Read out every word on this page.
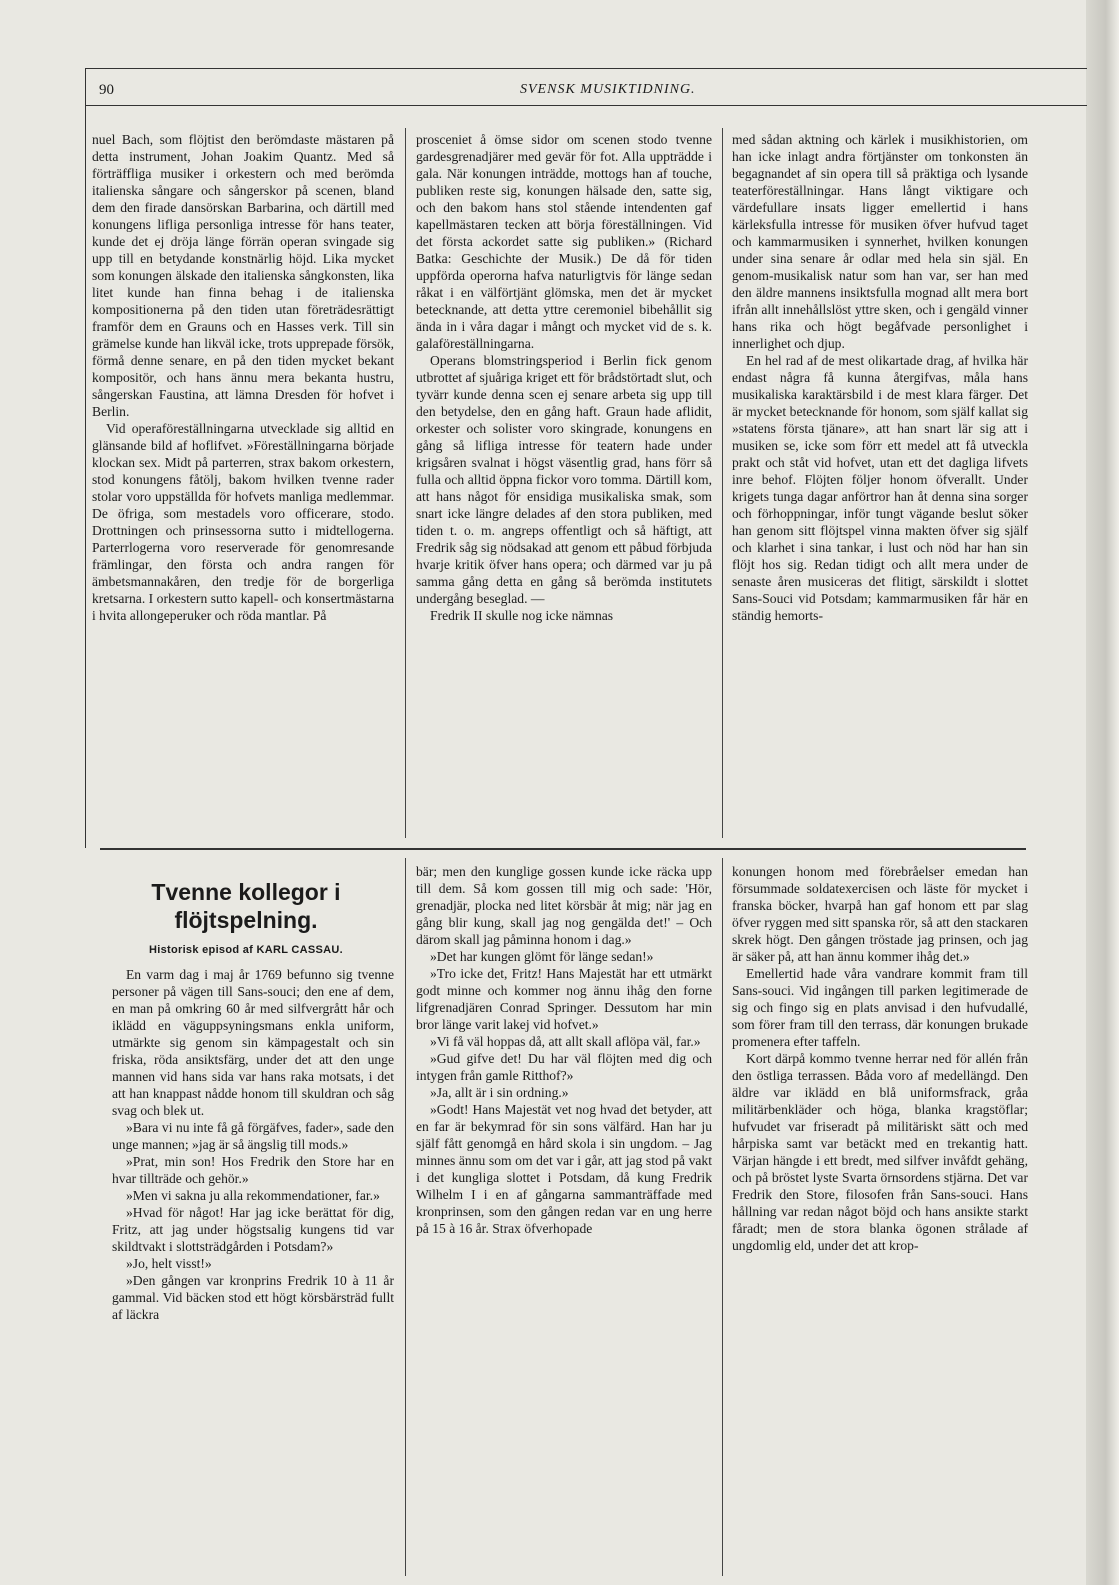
90	SVENSK MUSIKTIDNING.

nuel Bach, som flöjtist den berömdaste mästaren på detta instrument, Johan Joakim Quantz. Med så förträffliga musiker i orkestern och med berömda italienska sångare och sångerskor på scenen, bland dem den firade dansörskan Barbarina, och därtill med konungens lifliga personliga intresse för hans teater, kunde det ej dröja länge förrän operan svingade sig upp till en betydande konstnärlig höjd. Lika mycket som konungen älskade den italienska sångkonsten, lika litet kunde han finna behag i de italienska kompositionerna på den tiden utan företrädesrättigt framför dem en Grauns och en Hasses verk. Till sin grämelse kunde han likväl icke, trots upprepade försök, förmå denne senare, en på den tiden mycket bekant kompositör, och hans ännu mera bekanta hustru, sångerskan Faustina, att lämna Dresden för hofvet i Berlin.

Vid operaföreställningarna utvecklade sig alltid en glänsande bild af hoflifvet. »Föreställningarna började klockan sex. Midt på parterren, strax bakom orkestern, stod konungens fåtölj, bakom hvilken tvenne rader stolar voro uppställda för hofvets manliga medlemmar. De öfriga, som mestadels voro officerare, stodo. Drottningen och prinsessorna sutto i midtellogerna. Parterrlogerna voro reserverade för genomresande främlingar, den första och andra rangen för ämbetsmannakåren, den tredje för de borgerliga kretsarna. I orkestern sutto kapell- och konsertmästarna i hvita allongeperuker och röda mantlar. På

prosceniet å ömse sidor om scenen stodo tvenne gardesgrenadjärer med gevär för fot. Alla uppträdde i gala. När konungen inträdde, mottogs han af touche, publiken reste sig, konungen hälsade den, satte sig, och den bakom hans stol stående intendenten gaf kapellmästaren tecken att börja föreställningen. Vid det första ackordet satte sig publiken.» (Richard Batka: Geschichte der Musik.) De då för tiden uppförda operorna hafva naturligtvis för länge sedan råkat i en välförtjänt glömska, men det är mycket betecknande, att detta yttre ceremoniel bibehållit sig ända in i våra dagar i mångt och mycket vid de s. k. galaföreställningarna.

Operans blomstringsperiod i Berlin fick genom utbrottet af sjuåriga kriget ett för brådstörtadt slut, och tyvärr kunde denna scen ej senare arbeta sig upp till den betydelse, den en gång haft. Graun hade aflidit, orkester och solister voro skingrade, konungens en gång så lifliga intresse för teatern hade under krigsåren svalnat i högst väsentlig grad, hans förr så fulla och alltid öppna fickor voro tomma. Därtill kom, att hans något för ensidiga musikaliska smak, som snart icke längre delades af den stora publiken, med tiden t. o. m. angreps offentligt och så häftigt, att Fredrik såg sig nödsakad att genom ett påbud förbjuda hvarje kritik öfver hans opera; och därmed var ju på samma gång detta en gång så berömda institutets undergång beseglad. —

Fredrik II skulle nog icke nämnas

med sådan aktning och kärlek i musikhistorien, om han icke inlagt andra förtjänster om tonkonsten än begagnandet af sin opera till så präktiga och lysande teaterföreställningar. Hans långt viktigare och värdefullare insats ligger emellertid i hans kärleksfulla intresse för musiken öfver hufvud taget och kammarmusiken i synnerhet, hvilken konungen under sina senare år odlar med hela sin själ. En genom-musikalisk natur som han var, ser han med den äldre mannens insiktsfulla mognad allt mera bort ifrån allt innehållslöst yttre sken, och i gengäld vinner hans rika och högt begåfvade personlighet i innerlighet och djup.

En hel rad af de mest olikartade drag, af hvilka här endast några få kunna återgifvas, måla hans musikaliska karaktärsbild i de mest klara färger. Det är mycket betecknande för honom, som själf kallat sig »statens första tjänare», att han snart lär sig att i musiken se, icke som förr ett medel att få utveckla prakt och ståt vid hofvet, utan ett det dagliga lifvets inre behof. Flöjten följer honom öfverallt. Under krigets tunga dagar anförtror han åt denna sina sorger och förhoppningar, inför tungt vägande beslut söker han genom sitt flöjtspel vinna makten öfver sig själf och klarhet i sina tankar, i lust och nöd har han sin flöjt hos sig. Redan tidigt och allt mera under de senaste åren musiceras det flitigt, särskildt i slottet Sans-Souci vid Potsdam; kammarmusiken får här en ständig hemorts-

Tvenne kollegor i flöjtspelning.
Historisk episod af KARL CASSAU.

En varm dag i maj år 1769 befunno sig tvenne personer på vägen till Sans-souci; den ene af dem, en man på omkring 60 år med silfvergrått hår och iklädd en väguppsyningsmans enkla uniform, utmärkte sig genom sin kämpagestalt och sin friska, röda ansiktsfärg, under det att den unge mannen vid hans sida var hans raka motsats, i det att han knappast nådde honom till skuldran och såg svag och blek ut.

»Bara vi nu inte få gå förgäfves, fader», sade den unge mannen; »jag är så ängslig till mods.»

»Prat, min son! Hos Fredrik den Store har en hvar tillträde och gehör.»

»Men vi sakna ju alla rekommendationer, far.»

»Hvad för något! Har jag icke berättat för dig, Fritz, att jag under högstsalig kungens tid var skildtvakt i slottsträdgården i Potsdam?»

»Jo, helt visst!»

»Den gången var kronprins Fredrik 10 à 11 år gammal. Vid bäcken stod ett högt körsbärsträd fullt af läckra

bär; men den kunglige gossen kunde icke räcka upp till dem. Så kom gossen till mig och sade: 'Hör, grenadjär, plocka ned litet körsbär åt mig; när jag en gång blir kung, skall jag nog gengälda det!' – Och därom skall jag påminna honom i dag.»

»Det har kungen glömt för länge sedan!»

»Tro icke det, Fritz! Hans Majestät har ett utmärkt godt minne och kommer nog ännu ihåg den forne lifgrenadjären Conrad Springer. Dessutom har min bror länge varit lakej vid hofvet.»

»Vi få väl hoppas då, att allt skall aflöpa väl, far.»

»Gud gifve det! Du har väl flöjten med dig och intygen från gamle Ritthof?»

»Ja, allt är i sin ordning.»

»Godt! Hans Majestät vet nog hvad det betyder, att en far är bekymrad för sin sons välfärd. Han har ju själf fått genomgå en hård skola i sin ungdom. – Jag minnes ännu som om det var i går, att jag stod på vakt i det kungliga slottet i Potsdam, då kung Fredrik Wilhelm I i en af gångarna sammanträffade med kronprinsen, som den gången redan var en ung herre på 15 à 16 år. Strax öfverhopade

konungen honom med förebråelser emedan han försummade soldatexercisen och läste för mycket i franska böcker, hvarpå han gaf honom ett par slag öfver ryggen med sitt spanska rör, så att den stackaren skrek högt. Den gången tröstade jag prinsen, och jag är säker på, att han ännu kommer ihåg det.»

Emellertid hade våra vandrare kommit fram till Sans-souci. Vid ingången till parken legitimerade de sig och fingo sig en plats anvisad i den hufvudallé, som förer fram till den terrass, där konungen brukade promenera efter taffeln.

Kort därpå kommo tvenne herrar ned för allén från den östliga terrassen. Båda voro af medellängd. Den äldre var iklädd en blå uniformsfrack, gråa militärbenkläder och höga, blanka kragstöflar; hufvudet var friseradt på militäriskt sätt och med hårpiska samt var betäckt med en trekantig hatt. Värjan hängde i ett bredt, med silfver invåfdt gehäng, och på bröstet lyste Svarta örnsordens stjärna. Det var Fredrik den Store, filosofen från Sans-souci. Hans hållning var redan något böjd och hans ansikte starkt fåradt; men de stora blanka ögonen strålade af ungdomlig eld, under det att krop-
